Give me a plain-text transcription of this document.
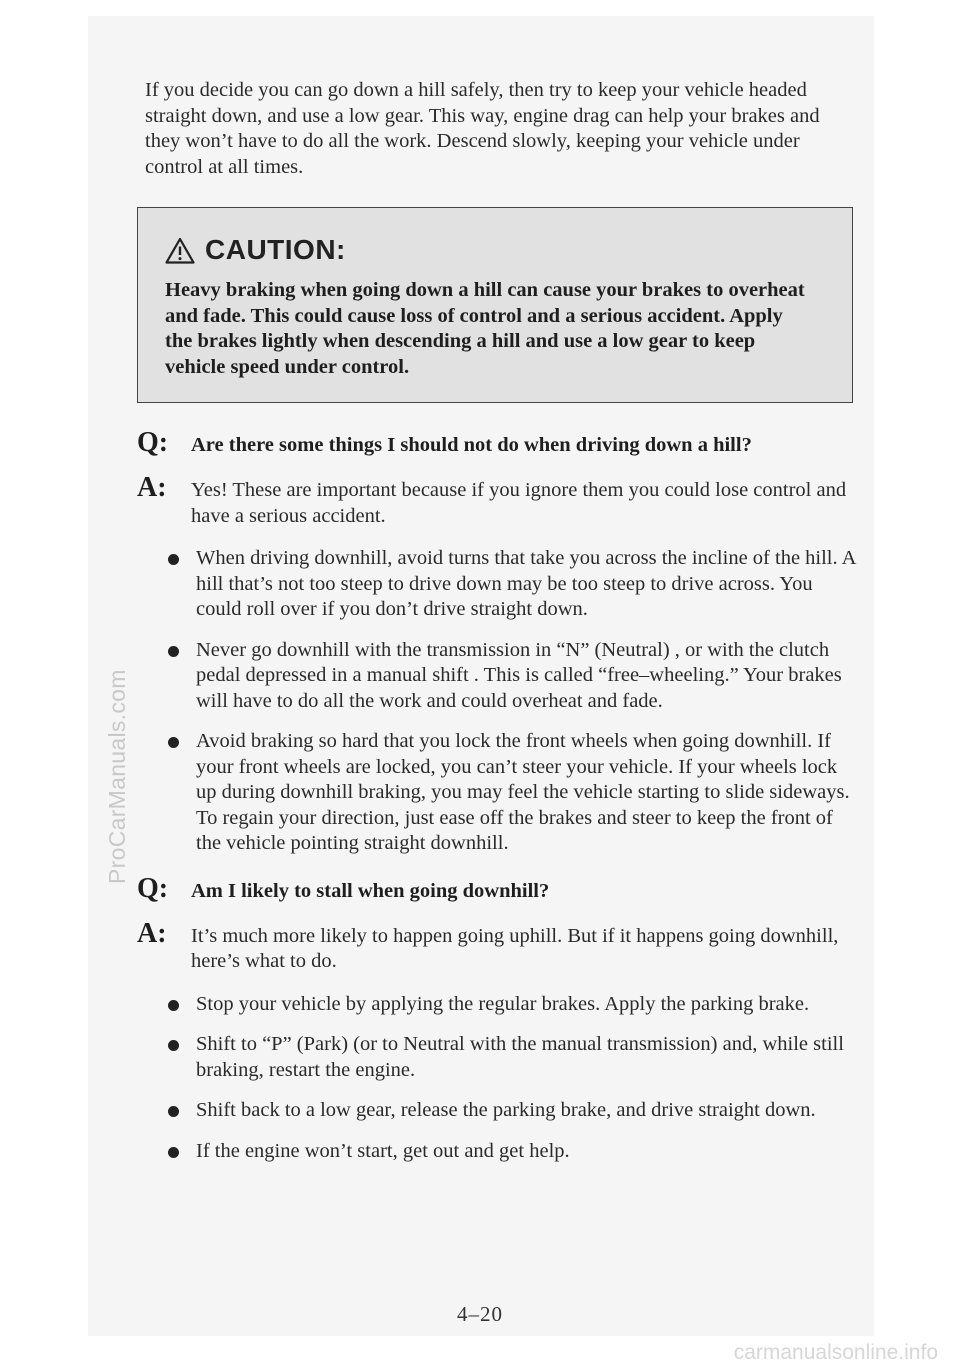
ProCarManuals.com

If you decide you can go down a hill safely, then try to keep your vehicle headed straight down, and use a low gear. This way, engine drag can help your brakes and they won’t have to do all the work. Descend slowly, keeping your vehicle under control at all times.

CAUTION:

Heavy braking when going down a hill can cause your brakes to overheat and fade. This could cause loss of control and a serious accident. Apply the brakes lightly when descending a hill and use a low gear to keep vehicle speed under control.

Q:	Are there some things I should not do when driving down a hill?
A:	Yes! These are important because if you ignore them you could lose control and have a serious accident.
When driving downhill, avoid turns that take you across the incline of the hill. A hill that’s not too steep to drive down may be too steep to drive across. You could roll over if you don’t drive straight down.
Never go downhill with the transmission in “N” (Neutral) , or with the clutch pedal depressed in a manual shift . This is called “free–wheeling.” Your brakes will have to do all the work and could overheat and fade.
Avoid braking so hard that you lock the front wheels when going downhill. If your front wheels are locked, you can’t steer your vehicle. If your wheels lock up during downhill braking, you may feel the vehicle starting to slide sideways. To regain your direction, just ease off the brakes and steer to keep the front of the vehicle pointing straight downhill.
Q:	Am I likely to stall when going downhill?
A:	It’s much more likely to happen going uphill. But if it happens going downhill, here’s what to do.
Stop your vehicle by applying the regular brakes. Apply the parking brake.
Shift to “P” (Park) (or to Neutral with the manual transmission) and, while still braking, restart the engine.
Shift back to a low gear, release the parking brake, and drive straight down.
If the engine won’t start, get out and get help.
4–20
carmanualsonline.info
